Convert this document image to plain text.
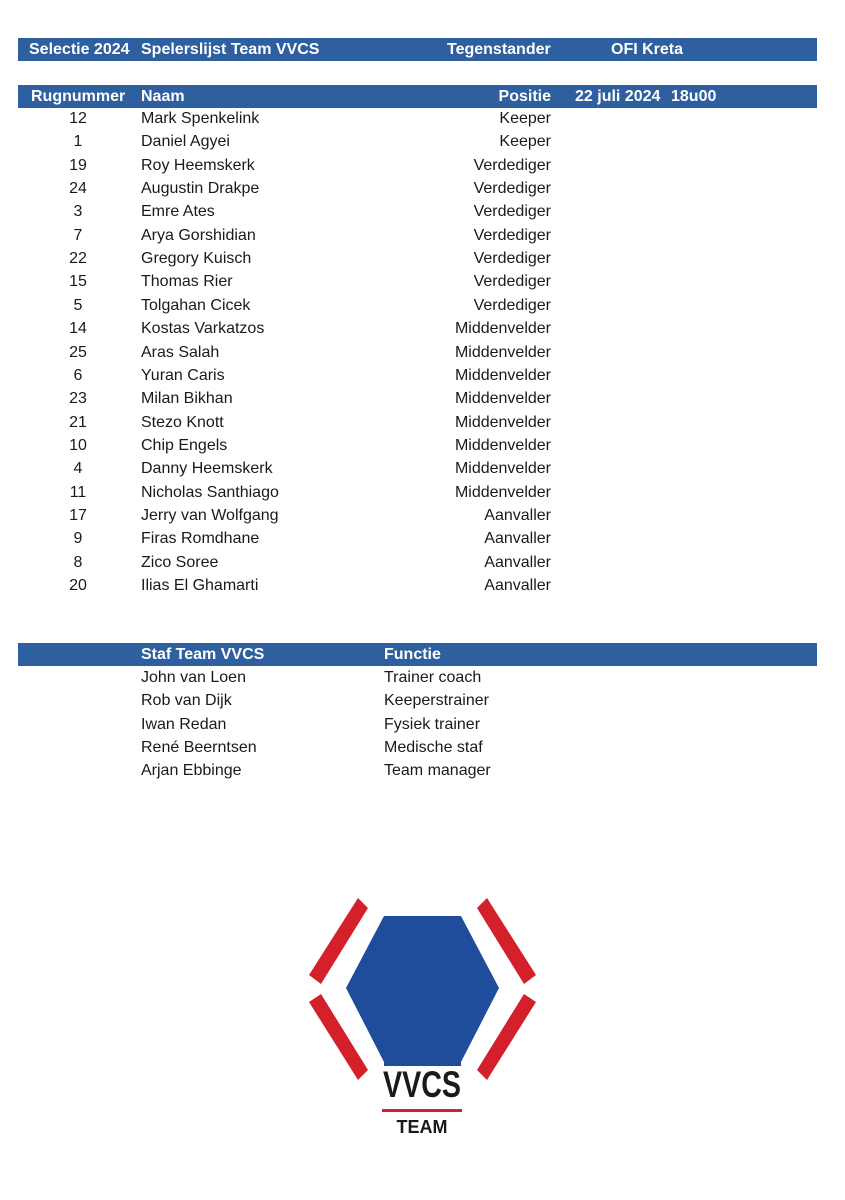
Selectie 2024 Spelerslijst Team VVCS	Tegenstander	OFI Kreta
Rugnummer Naam	Positie 22 juli 2024 18u00
12	Mark Spenkelink	Keeper
1	Daniel Agyei	Keeper
19	Roy Heemskerk	Verdediger
24	Augustin Drakpe	Verdediger
3	Emre Ates	Verdediger
7	Arya Gorshidian	Verdediger
22	Gregory Kuisch	Verdediger
15	Thomas Rier	Verdediger
5	Tolgahan Cicek	Verdediger
14	Kostas Varkatzos	Middenvelder
25	Aras Salah	Middenvelder
6	Yuran Caris	Middenvelder
23	Milan Bikhan	Middenvelder
21	Stezo Knott	Middenvelder
10	Chip Engels	Middenvelder
4	Danny Heemskerk	Middenvelder
11	Nicholas Santhiago	Middenvelder
17	Jerry van Wolfgang	Aanvaller
9	Firas Romdhane	Aanvaller
8	Zico Soree	Aanvaller
20	Ilias El Ghamarti	Aanvaller
Staf Team VVCS	Functie
John van Loen	Trainer coach
Rob van Dijk	Keeperstrainer
Iwan Redan	Fysiek trainer
René Beerntsen	Medische staf
Arjan Ebbinge	Team manager
VVCS
TEAM
